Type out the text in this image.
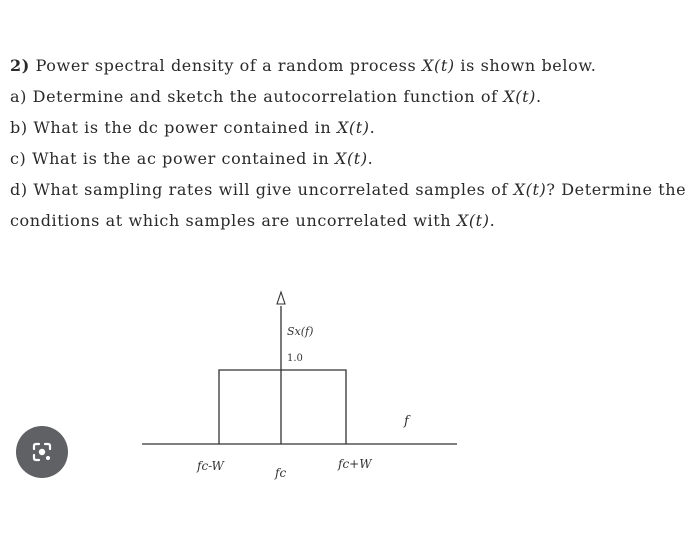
2) Power spectral density of a random process X(t) is shown below.
a) Determine and sketch the autocorrelation function of X(t).
b) What is the dc power contained in X(t).
c) What is the ac power contained in X(t).
d) What sampling rates will give uncorrelated samples of X(t)? Determine the
conditions at which samples are uncorrelated with X(t).
Sx(f)
1.0
f
fc-W	fc
fc+W
